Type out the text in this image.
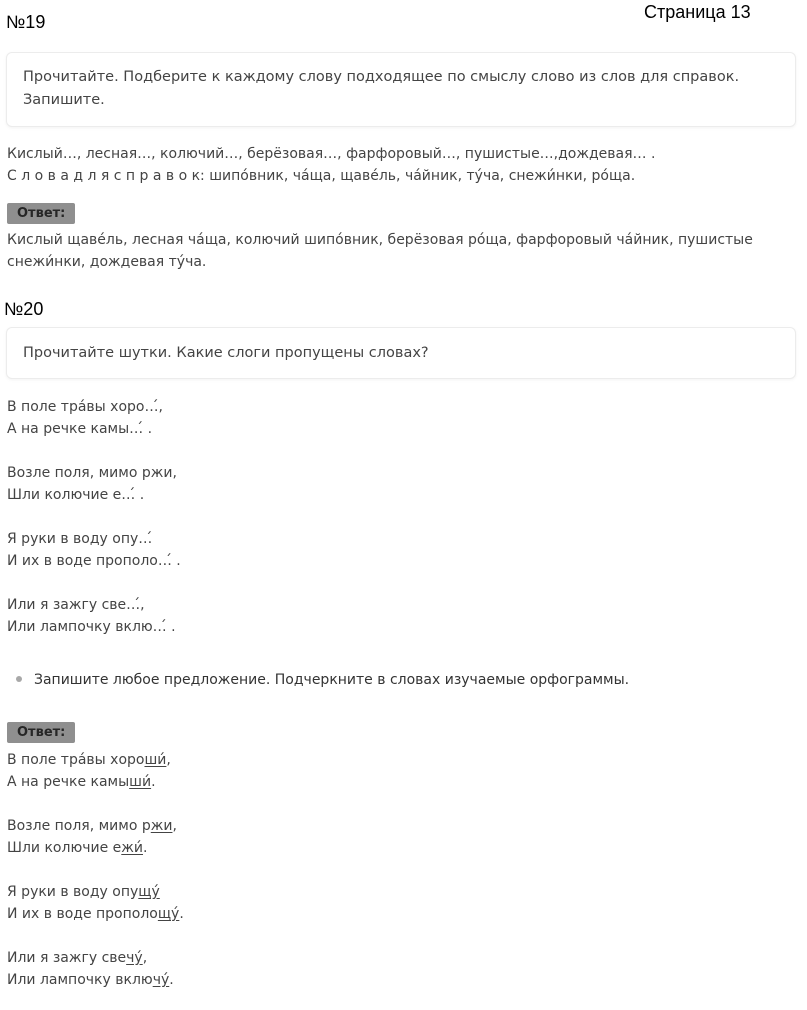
№19	Страница 13
Прочитайте. Подберите к каждому слову подходящее по смыслу слово из слов для справок. Запишите.
Кислый…, лесная…, колючий…, берёзовая…, фарфоровый…, пушистые…,дождевая… .
С л о в а д л я с п р а в о к: шипо́вник, ча́ща, щаве́ль, ча́йник, ту́ча, снежи́нки, ро́ща.
Ответ:
Кислый щаве́ль, лесная ча́ща, колючий шипо́вник, берёзовая ро́ща, фарфоровый ча́йник, пушистые
снежи́нки, дождевая ту́ча.
№20
Прочитайте шутки. Какие слоги пропущены словах?
В поле тра́вы хоро…́,
А на речке камы…́ .
Возле поля, мимо ржи,
Шли колючие е…́ .
Я руки в воду опу…́
И их в воде пропoло…́ .
Или я зажгу све…́,
Или лампочку вклю…́ .
Запишите любое предложение. Подчеркните в словах изучаемые орфограммы.
Ответ:
В поле тра́вы хороши́,
А на речке камыши́.
Возле поля, мимо ржи,
Шли колючие ежи́.
Я руки в воду опущу́
И их в воде прополощу́.
Или я зажгу свечу́,
Или лампочку включу́.
